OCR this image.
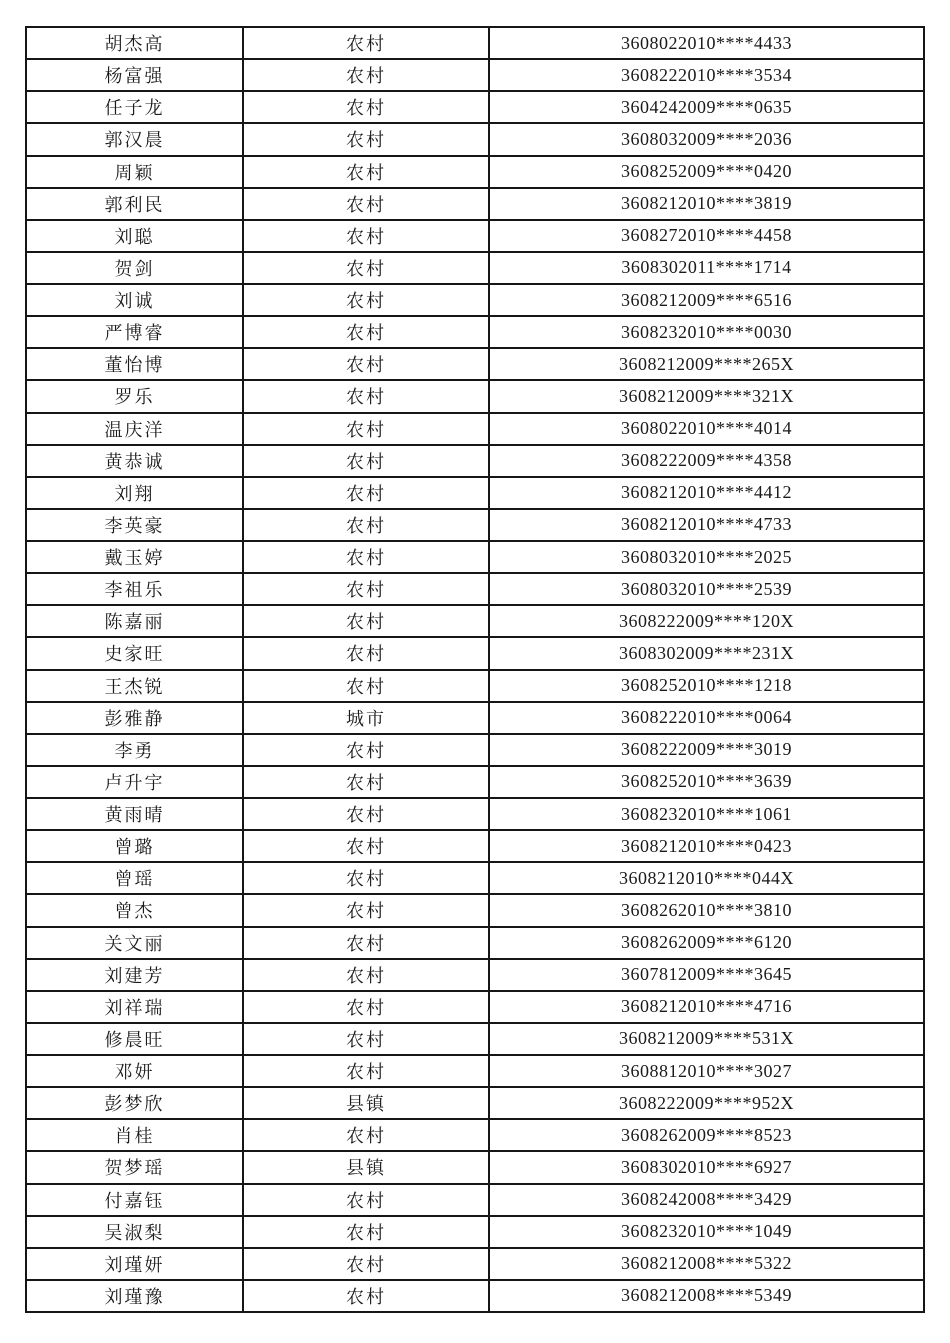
胡杰高	农村	3608022010****4433
杨富强	农村	3608222010****3534
任子龙	农村	3604242009****0635
郭汉晨	农村	3608032009****2036
周颖	农村	3608252009****0420
郭利民	农村	3608212010****3819
刘聪	农村	3608272010****4458
贺剑	农村	3608302011****1714
刘诚	农村	3608212009****6516
严博睿	农村	3608232010****0030
董怡博	农村	3608212009****265X
罗乐	农村	3608212009****321X
温庆洋	农村	3608022010****4014
黄恭诚	农村	3608222009****4358
刘翔	农村	3608212010****4412
李英豪	农村	3608212010****4733
戴玉婷	农村	3608032010****2025
李祖乐	农村	3608032010****2539
陈嘉丽	农村	3608222009****120X
史家旺	农村	3608302009****231X
王杰锐	农村	3608252010****1218
彭雅静	城市	3608222010****0064
李勇	农村	3608222009****3019
卢升宇	农村	3608252010****3639
黄雨晴	农村	3608232010****1061
曾璐	农村	3608212010****0423
曾瑶	农村	3608212010****044X
曾杰	农村	3608262010****3810
关文丽	农村	3608262009****6120
刘建芳	农村	3607812009****3645
刘祥瑞	农村	3608212010****4716
修晨旺	农村	3608212009****531X
邓妍	农村	3608812010****3027
彭梦欣	县镇	3608222009****952X
肖桂	农村	3608262009****8523
贺梦瑶	县镇	3608302010****6927
付嘉钰	农村	3608242008****3429
吴淑梨	农村	3608232010****1049
刘瑾妍	农村	3608212008****5322
刘瑾豫	农村	3608212008****5349
